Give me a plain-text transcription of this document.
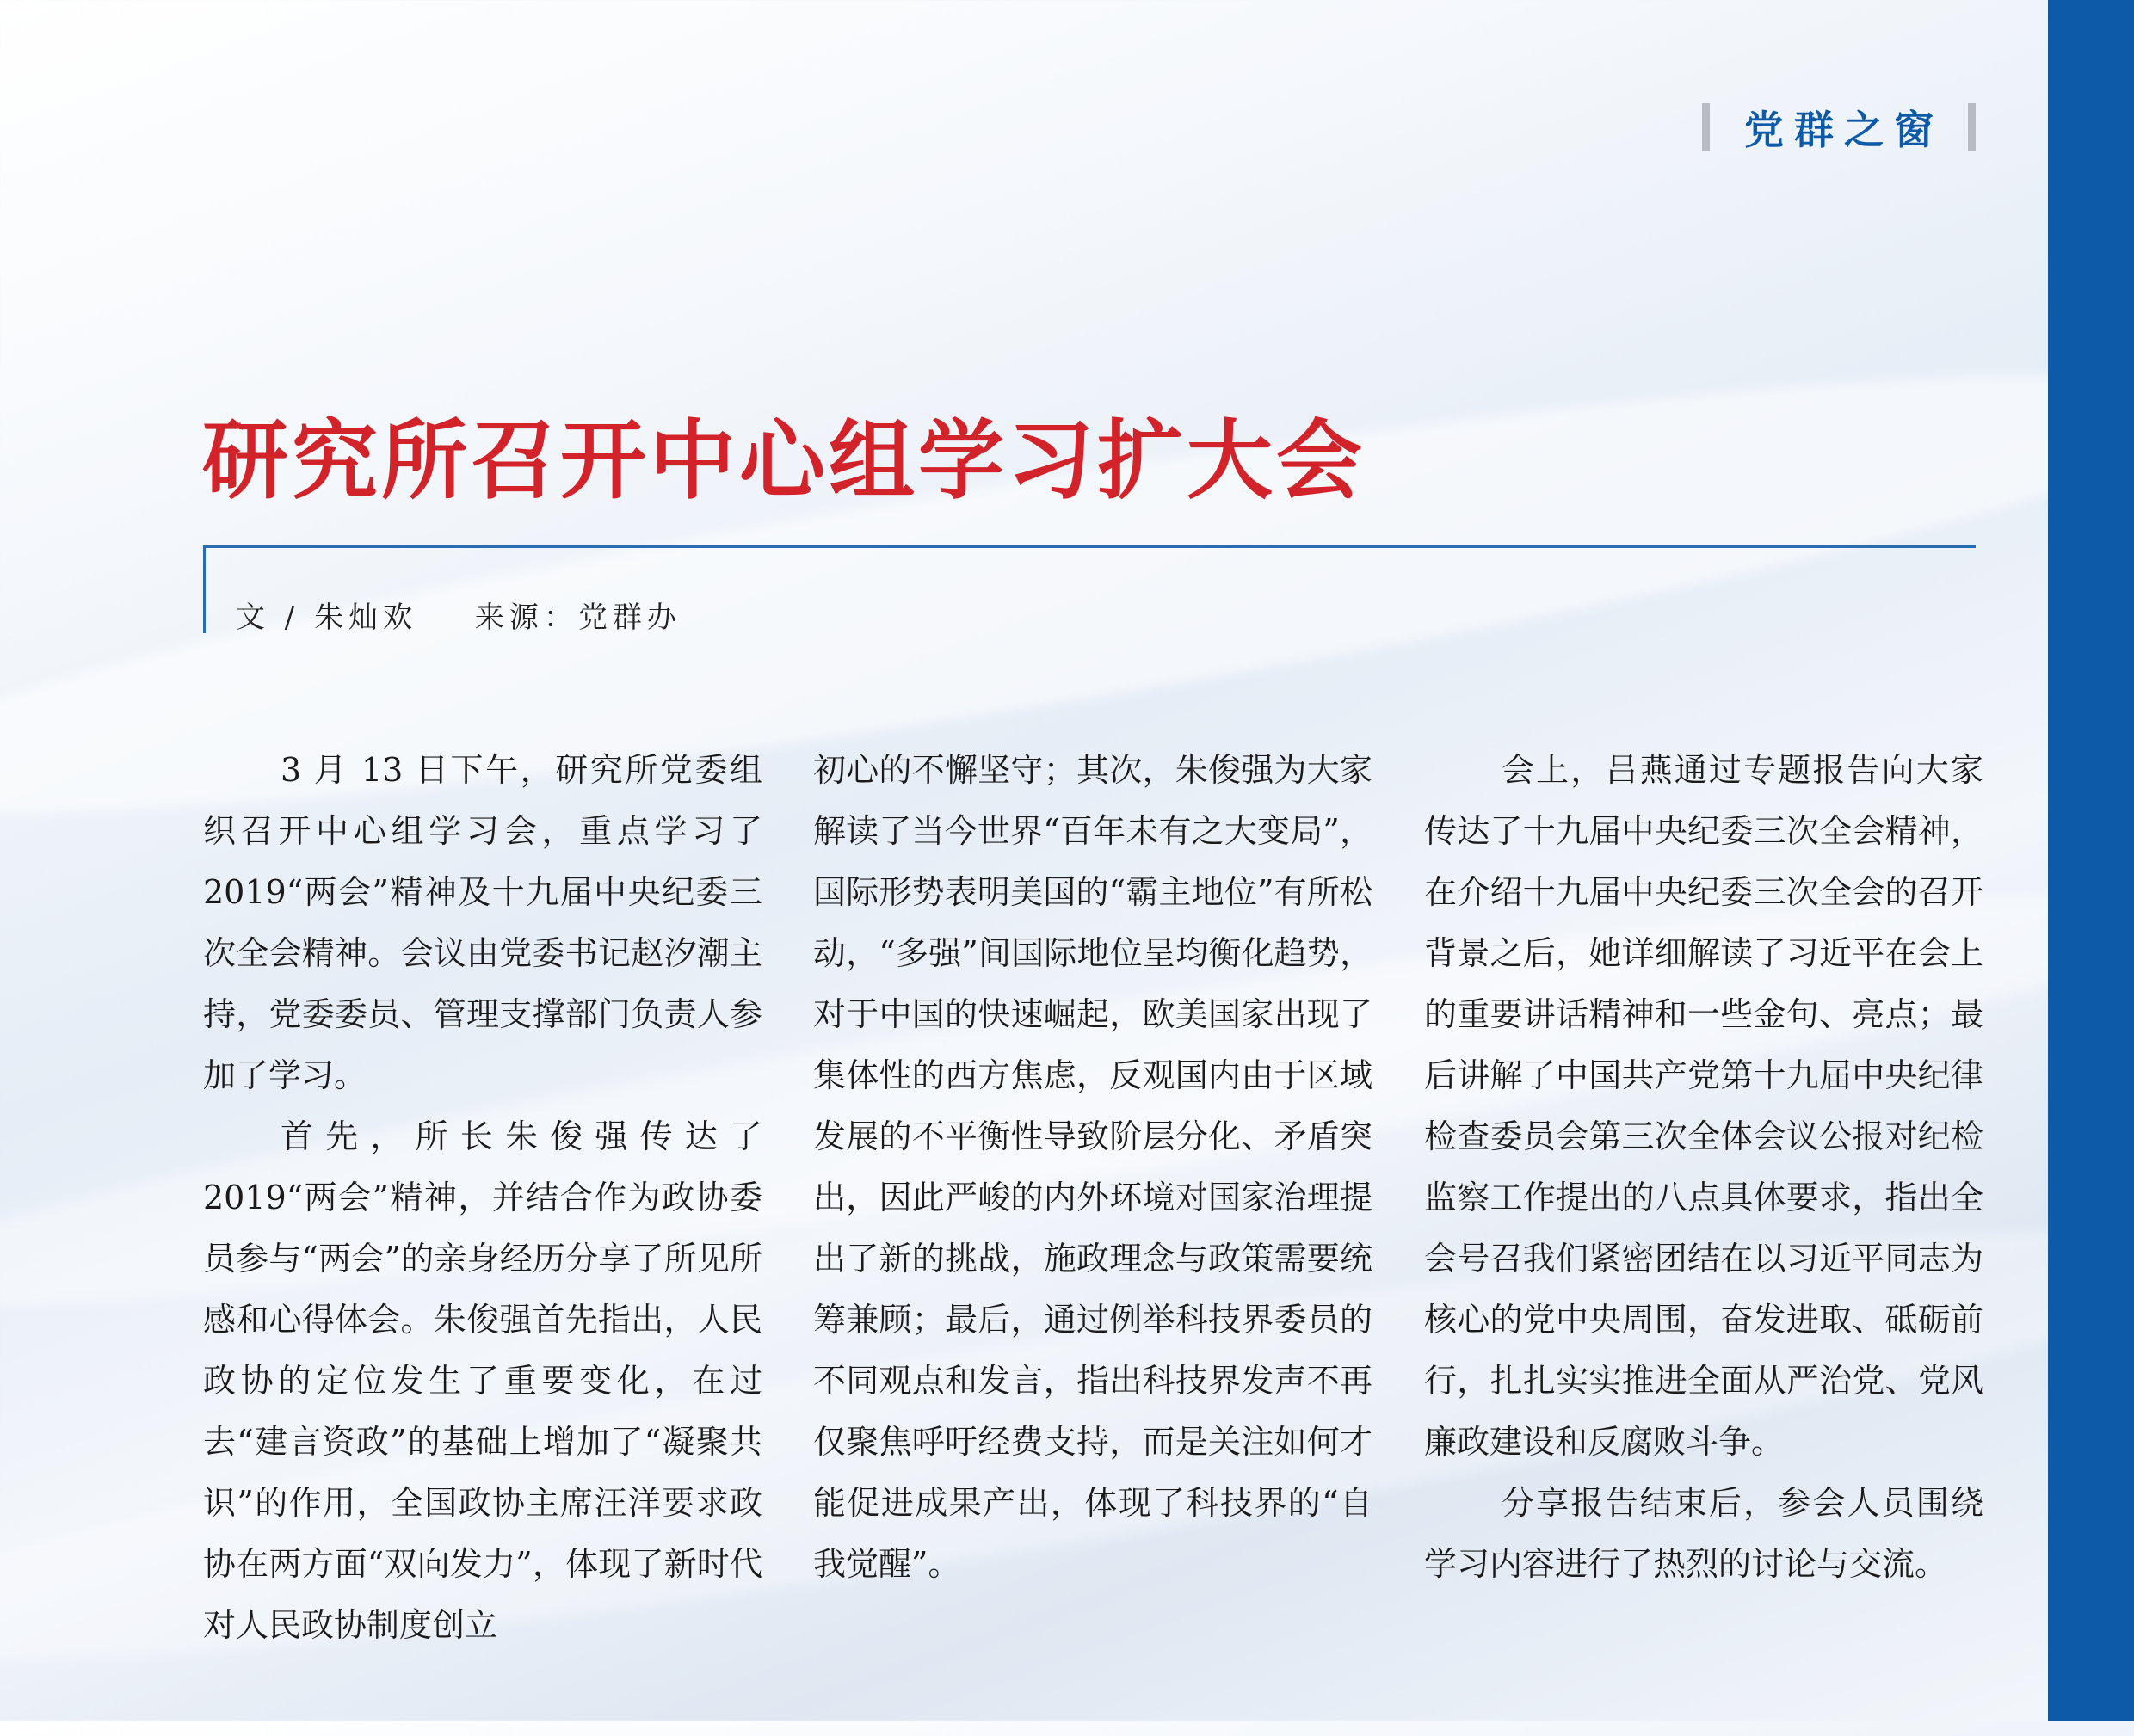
党群之窗
研究所召开中心组学习扩大会
文 / 朱灿欢 来源：党群办

3 月 13 日下午，研究所党委组织召开中心组学习会，重点学习了 2019“两会”精神及十九届中央纪委三次全会精神。会议由党委书记赵汐潮主持，党委委员、管理支撑部门负责人参加了学习。

首先，所长朱俊强传达了 2019“两会”精神，并结合作为政协委员参与“两会”的亲身经历分享了所见所感和心得体会。朱俊强首先指出，人民政协的定位发生了重要变化，在过去“建言资政”的基础上增加了“凝聚共识”的作用，全国政协主席汪洋要求政协在两方面“双向发力”，体现了新时代对人民政协制度创立

初心的不懈坚守；其次，朱俊强为大家解读了当今世界“百年未有之大变局”，国际形势表明美国的“霸主地位”有所松动，“多强”间国际地位呈均衡化趋势，对于中国的快速崛起，欧美国家出现了集体性的西方焦虑，反观国内由于区域发展的不平衡性导致阶层分化、矛盾突出，因此严峻的内外环境对国家治理提出了新的挑战，施政理念与政策需要统筹兼顾；最后，通过例举科技界委员的不同观点和发言，指出科技界发声不再仅聚焦呼吁经费支持，而是关注如何才能促进成果产出，体现了科技界的“自我觉醒”。

会上，吕燕通过专题报告向大家传达了十九届中央纪委三次全会精神，在介绍十九届中央纪委三次全会的召开背景之后，她详细解读了习近平在会上的重要讲话精神和一些金句、亮点；最后讲解了中国共产党第十九届中央纪律检查委员会第三次全体会议公报对纪检监察工作提出的八点具体要求，指出全会号召我们紧密团结在以习近平同志为核心的党中央周围，奋发进取、砥砺前行，扎扎实实推进全面从严治党、党风廉政建设和反腐败斗争。

分享报告结束后，参会人员围绕学习内容进行了热烈的讨论与交流。
